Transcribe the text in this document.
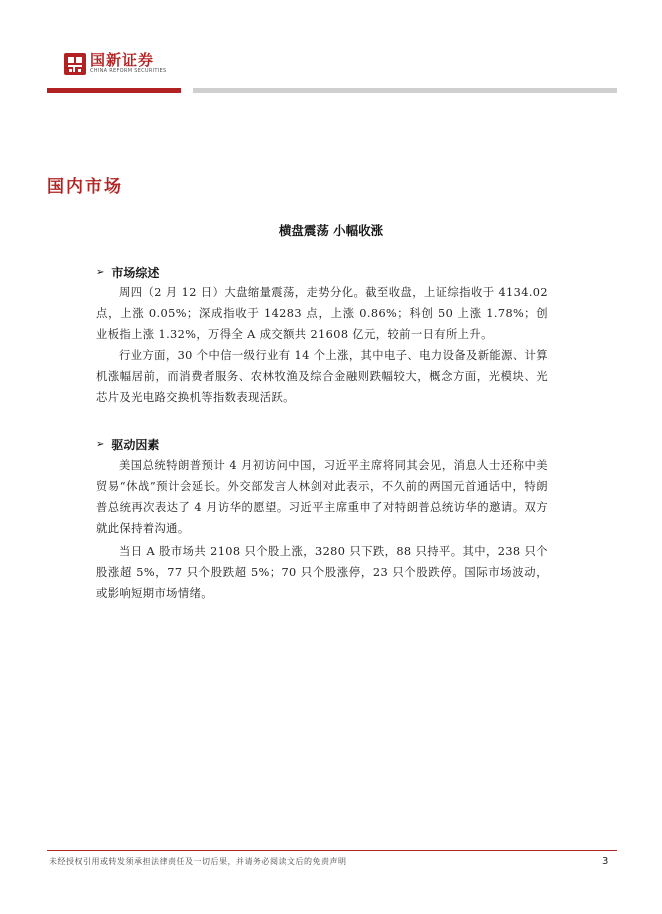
国新证券
CHINA REFORM SECURITIES
国内市场
横盘震荡 小幅收涨
➢ 市场综述
周四（2 月 12 日）大盘缩量震荡，走势分化。截至收盘，上证综指收于 4134.02 点，上涨 0.05%；深成指收于 14283 点，上涨 0.86%；科创 50 上涨 1.78%；创业板指上涨 1.32%，万得全 A 成交额共 21608 亿元，较前一日有所上升。
行业方面，30 个中信一级行业有 14 个上涨，其中电子、电力设备及新能源、计算机涨幅居前，而消费者服务、农林牧渔及综合金融则跌幅较大，概念方面，光模块、光芯片及光电路交换机等指数表现活跃。
➢ 驱动因素
美国总统特朗普预计 4 月初访问中国，习近平主席将同其会见，消息人士还称中美贸易“休战”预计会延长。外交部发言人林剑对此表示，不久前的两国元首通话中，特朗普总统再次表达了 4 月访华的愿望。习近平主席重申了对特朗普总统访华的邀请。双方就此保持着沟通。
当日 A 股市场共 2108 只个股上涨，3280 只下跌，88 只持平。其中，238 只个股涨超 5%，77 只个股跌超 5%；70 只个股涨停，23 只个股跌停。国际市场波动，或影响短期市场情绪。
未经授权引用或转发须承担法律责任及一切后果，并请务必阅读文后的免责声明	3
